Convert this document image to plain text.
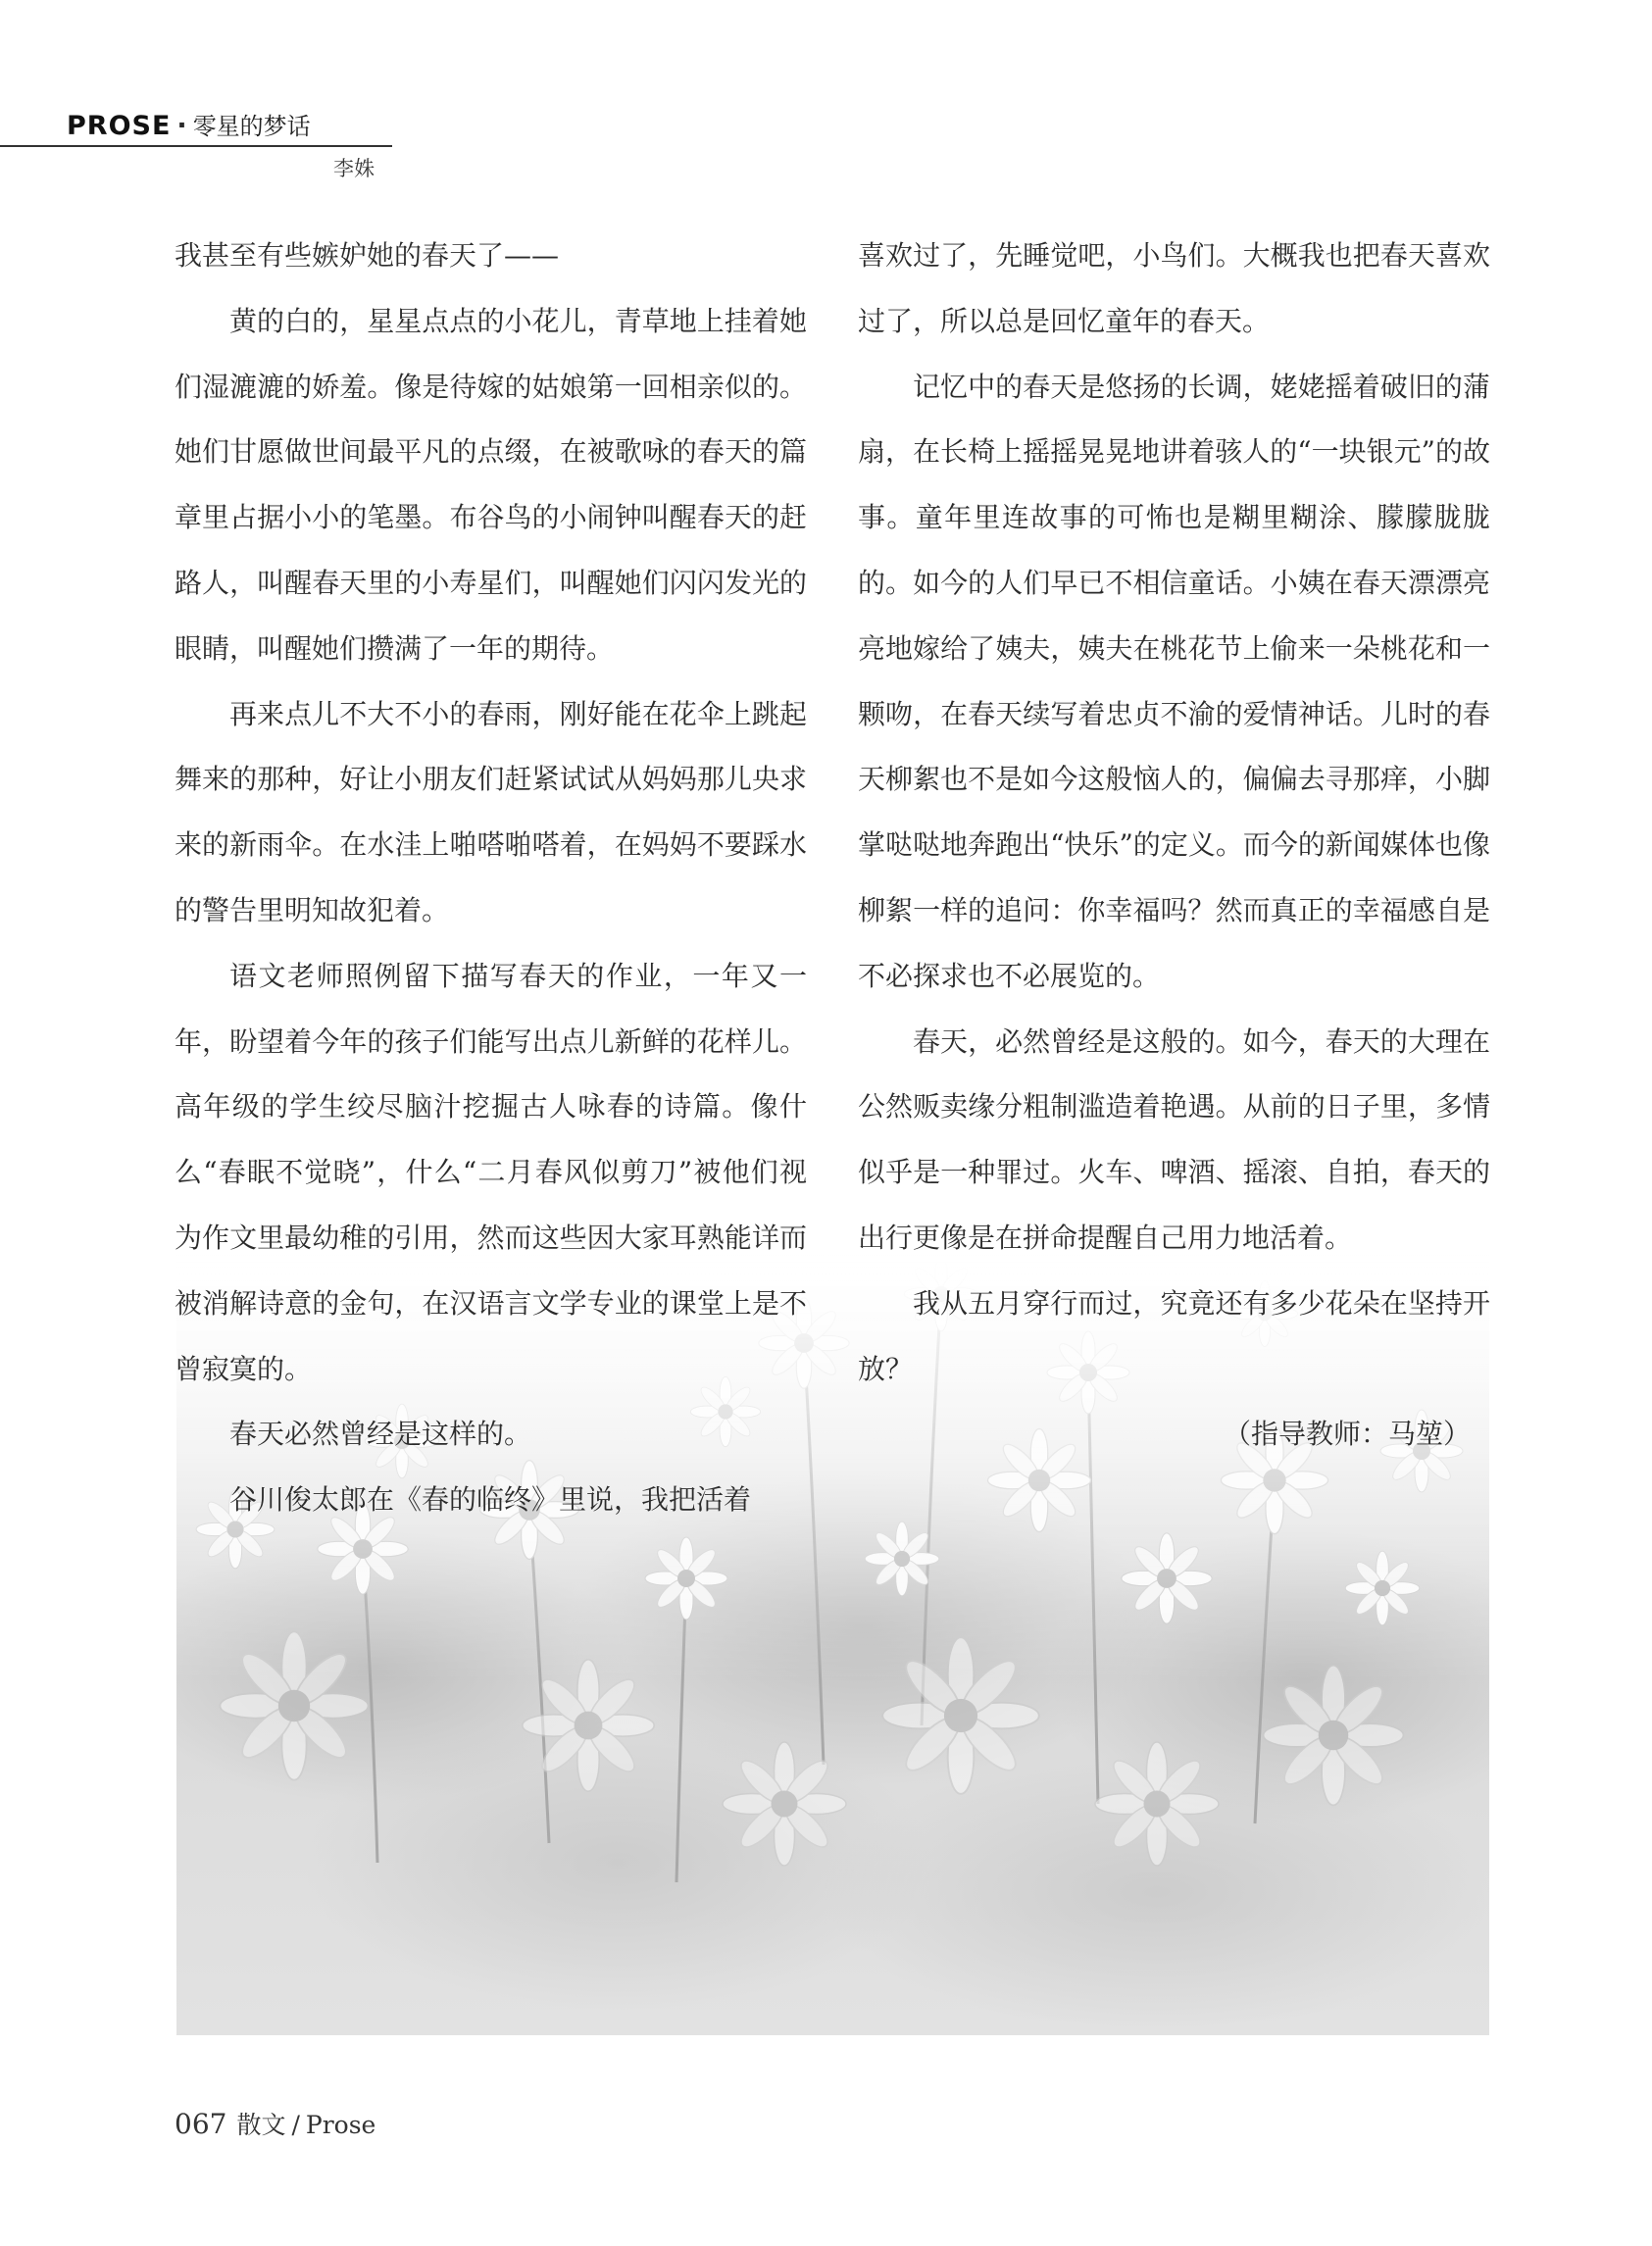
PROSE · 零星的梦话
李姝

我甚至有些嫉妒她的春天了——

黄的白的，星星点点的小花儿，青草地上挂着她们湿漉漉的娇羞。像是待嫁的姑娘第一回相亲似的。她们甘愿做世间最平凡的点缀，在被歌咏的春天的篇章里占据小小的笔墨。布谷鸟的小闹钟叫醒春天的赶路人，叫醒春天里的小寿星们，叫醒她们闪闪发光的眼睛，叫醒她们攒满了一年的期待。

再来点儿不大不小的春雨，刚好能在花伞上跳起舞来的那种，好让小朋友们赶紧试试从妈妈那儿央求来的新雨伞。在水洼上啪嗒啪嗒着，在妈妈不要踩水的警告里明知故犯着。

语文老师照例留下描写春天的作业，一年又一年，盼望着今年的孩子们能写出点儿新鲜的花样儿。高年级的学生绞尽脑汁挖掘古人咏春的诗篇。像什么“春眠不觉晓”，什么“二月春风似剪刀”被他们视为作文里最幼稚的引用，然而这些因大家耳熟能详而被消解诗意的金句，在汉语言文学专业的课堂上是不曾寂寞的。

春天必然曾经是这样的。

谷川俊太郎在《春的临终》里说，我把活着

喜欢过了，先睡觉吧，小鸟们。大概我也把春天喜欢过了，所以总是回忆童年的春天。

记忆中的春天是悠扬的长调，姥姥摇着破旧的蒲扇，在长椅上摇摇晃晃地讲着骇人的“一块银元”的故事。童年里连故事的可怖也是糊里糊涂、朦朦胧胧的。如今的人们早已不相信童话。小姨在春天漂漂亮亮地嫁给了姨夫，姨夫在桃花节上偷来一朵桃花和一颗吻，在春天续写着忠贞不渝的爱情神话。儿时的春天柳絮也不是如今这般恼人的，偏偏去寻那痒，小脚掌哒哒地奔跑出“快乐”的定义。而今的新闻媒体也像柳絮一样的追问：你幸福吗？然而真正的幸福感自是不必探求也不必展览的。

春天，必然曾经是这般的。如今，春天的大理在公然贩卖缘分粗制滥造着艳遇。从前的日子里，多情似乎是一种罪过。火车、啤酒、摇滚、自拍，春天的出行更像是在拼命提醒自己用力地活着。

我从五月穿行而过，究竟还有多少花朵在坚持开放？

（指导教师：马堃）

067 散文 / Prose
